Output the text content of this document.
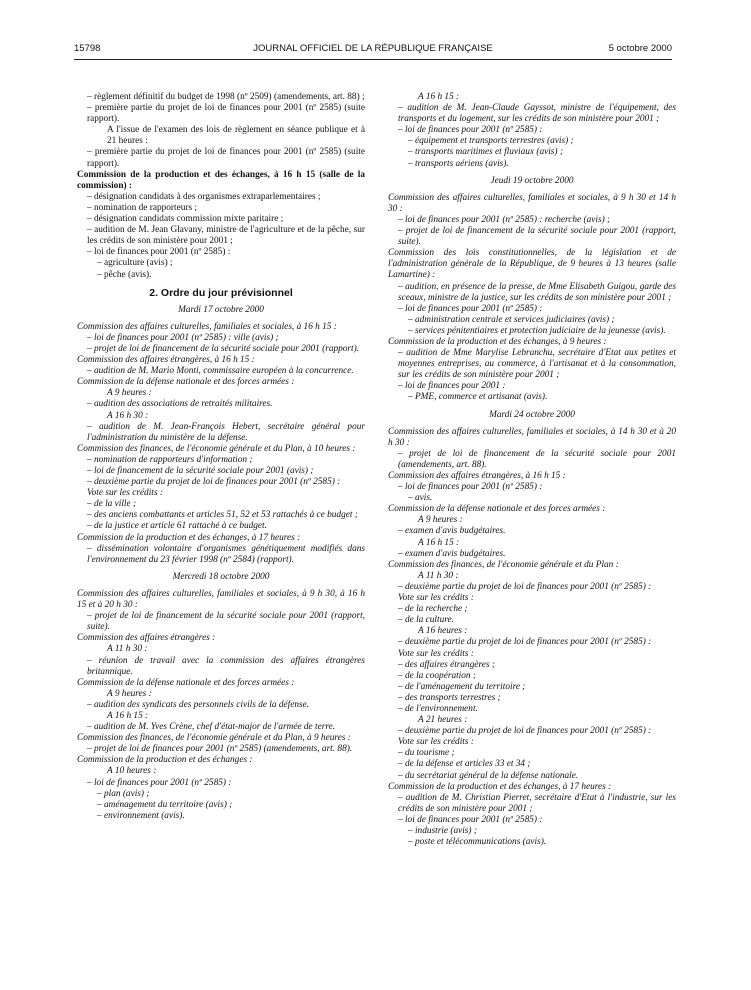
15798	JOURNAL OFFICIEL DE LA RÉPUBLIQUE FRANÇAISE	5 octobre 2000
– règlement définitif du budget de 1998 (nº 2509) (amendements, art. 88) ;
– première partie du projet de loi de finances pour 2001 (nº 2585) (suite rapport).
A l'issue de l'examen des lois de règlement en séance publique et à 21 heures :
– première partie du projet de loi de finances pour 2001 (nº 2585) (suite rapport).
Commission de la production et des échanges, à 16 h 15 (salle de la commission) :
– désignation candidats à des organismes extraparlementaires ;
– nomination de rapporteurs ;
– désignation candidats commission mixte paritaire ;
– audition de M. Jean Glavany, ministre de l'agriculture et de la pêche, sur les crédits de son ministère pour 2001 ;
– loi de finances pour 2001 (nº 2585) :
– agriculture (avis) ;
– pêche (avis).
2. Ordre du jour prévisionnel
Mardi 17 octobre 2000
Commission des affaires culturelles, familiales et sociales, à 16 h 15 :
– loi de finances pour 2001 (nº 2585) : ville (avis) ;
– projet de loi de financement de la sécurité sociale pour 2001 (rapport).
Commission des affaires étrangères, à 16 h 15 :
– audition de M. Mario Monti, commissaire européen à la concurrence.
Commission de la défense nationale et des forces armées :
A 9 heures :
– audition des associations de retraités militaires.
A 16 h 30 :
– audition de M. Jean-François Hebert, secrétaire général pour l'administration du ministère de la défense.
Commission des finances, de l'économie générale et du Plan, à 10 heures :
– nomination de rapporteurs d'information ;
– loi de financement de la sécurité sociale pour 2001 (avis) ;
– deuxième partie du projet de loi de finances pour 2001 (nº 2585) :
Vote sur les crédits :
– de la ville ;
– des anciens combattants et articles 51, 52 et 53 rattachés à ce budget ;
– de la justice et article 61 rattaché à ce budget.
Commission de la production et des échanges, à 17 heures :
– dissémination volontaire d'organismes génétiquement modifiés dans l'environnement du 23 février 1998 (nº 2584) (rapport).
Mercredi 18 octobre 2000
Commission des affaires culturelles, familiales et sociales, à 9 h 30, à 16 h 15 et à 20 h 30 :
– projet de loi de financement de la sécurité sociale pour 2001 (rapport, suite).
Commission des affaires étrangères :
A 11 h 30 :
– réunion de travail avec la commission des affaires étrangères britannique.
Commission de la défense nationale et des forces armées :
A 9 heures :
– audition des syndicats des personnels civils de la défense.
A 16 h 15 :
– audition de M. Yves Crène, chef d'état-major de l'armée de terre.
Commission des finances, de l'économie générale et du Plan, à 9 heures :
– projet de loi de finances pour 2001 (nº 2585) (amendements, art. 88).
Commission de la production et des échanges :
A 10 heures :
– loi de finances pour 2001 (nº 2585) :
– plan (avis) ;
– aménagement du territoire (avis) ;
– environnement (avis).
A 16 h 15 :
– audition de M. Jean-Claude Gayssot, ministre de l'équipement, des transports et du logement, sur les crédits de son ministère pour 2001 ;
– loi de finances pour 2001 (nº 2585) :
– équipement et transports terrestres (avis) ;
– transports maritimes et fluviaux (avis) ;
– transports aériens (avis).
Jeudi 19 octobre 2000
Commission des affaires culturelles, familiales et sociales, à 9 h 30 et 14 h 30 :
– loi de finances pour 2001 (nº 2585) : recherche (avis) ;
– projet de loi de financement de la sécurité sociale pour 2001 (rapport, suite).
Commission des lois constitutionnelles, de la législation et de l'administration générale de la République, de 9 heures à 13 heures (salle Lamartine) :
– audition, en présence de la presse, de Mme Elisabeth Guigou, garde des sceaux, ministre de la justice, sur les crédits de son ministère pour 2001 ;
– loi de finances pour 2001 (nº 2585) :
– administration centrale et services judiciaires (avis) ;
– services pénitentiaires et protection judiciaire de la jeunesse (avis).
Commission de la production et des échanges, à 9 heures :
– audition de Mme Marylise Lebranchu, secrétaire d'Etat aux petites et moyennes entreprises, au commerce, à l'artisanat et à la consommation, sur les crédits de son ministère pour 2001 ;
– loi de finances pour 2001 :
– PME, commerce et artisanat (avis).
Mardi 24 octobre 2000
Commission des affaires culturelles, familiales et sociales, à 14 h 30 et à 20 h 30 :
– projet de loi de financement de la sécurité sociale pour 2001 (amendements, art. 88).
Commission des affaires étrangères, à 16 h 15 :
– loi de finances pour 2001 (nº 2585) :
– avis.
Commission de la défense nationale et des forces armées :
A 9 heures :
– examen d'avis budgétaires.
A 16 h 15 :
– examen d'avis budgétaires.
Commission des finances, de l'économie générale et du Plan :
A 11 h 30 :
– deuxième partie du projet de loi de finances pour 2001 (nº 2585) :
Vote sur les crédits :
– de la recherche ;
– de la culture.
A 16 heures :
– deuxième partie du projet de loi de finances pour 2001 (nº 2585) :
Vote sur les crédits :
– des affaires étrangères ;
– de la coopération ;
– de l'aménagement du territoire ;
– des transports terrestres ;
– de l'environnement.
A 21 heures :
– deuxième partie du projet de loi de finances pour 2001 (nº 2585) :
Vote sur les crédits :
– du tourisme ;
– de la défense et articles 33 et 34 ;
– du secrétariat général de la défense nationale.
Commission de la production et des échanges, à 17 heures :
– audition de M. Christian Pierret, secrétaire d'Etat à l'industrie, sur les crédits de son ministère pour 2001 ;
– loi de finances pour 2001 (nº 2585) :
– industrie (avis) ;
– poste et télécommunications (avis).
